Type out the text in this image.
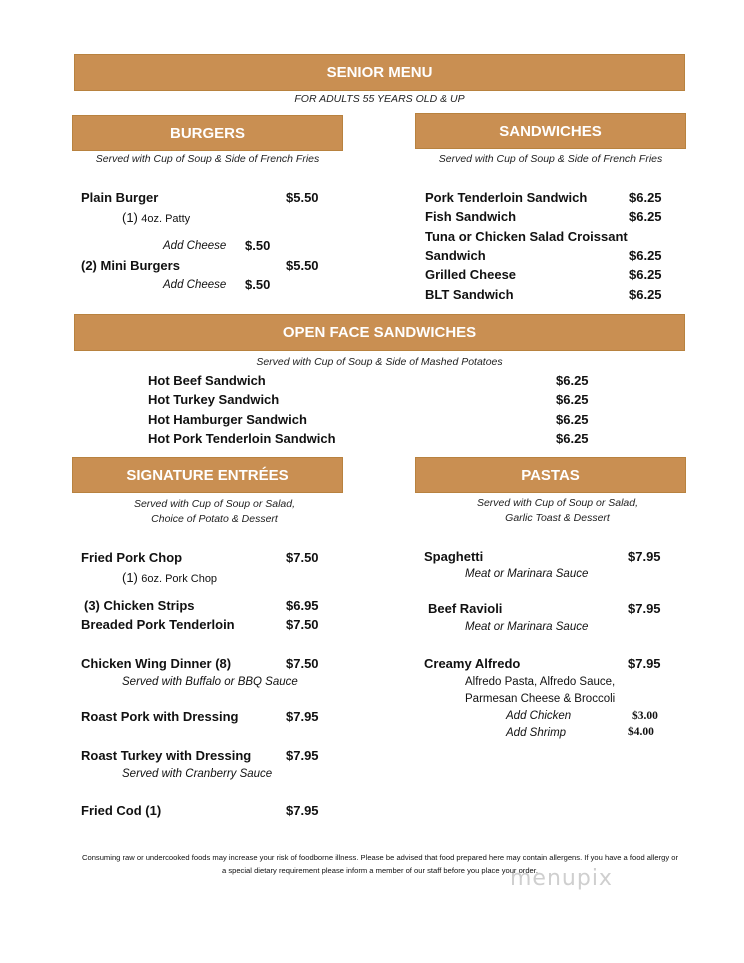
SENIOR MENU
FOR ADULTS 55 YEARS OLD & UP
BURGERS
Served with Cup of Soup & Side of French Fries
Plain Burger	$5.50
(1) 4oz. Patty
Add Cheese $.50
(2) Mini Burgers	$5.50
Add Cheese $.50
SANDWICHES
Served with Cup of Soup & Side of French Fries
Pork Tenderloin Sandwich	$6.25
Fish Sandwich	$6.25
Tuna or Chicken Salad Croissant
Sandwich	$6.25
Grilled Cheese	$6.25
BLT Sandwich	$6.25
OPEN FACE SANDWICHES
Served with Cup of Soup & Side of Mashed Potatoes
Hot Beef Sandwich	$6.25
Hot Turkey Sandwich	$6.25
Hot Hamburger Sandwich	$6.25
Hot Pork Tenderloin Sandwich	$6.25
SIGNATURE ENTRÉES
Served with Cup of Soup or Salad,
Choice of Potato & Dessert
Fried Pork Chop	$7.50
(1) 6oz. Pork Chop
(3) Chicken Strips	$6.95
Breaded Pork Tenderloin	$7.50
Chicken Wing Dinner (8)	$7.50
Served with Buffalo or BBQ Sauce
Roast Pork with Dressing	$7.95
Roast Turkey with Dressing	$7.95
Served with Cranberry Sauce
Fried Cod (1)	$7.95
PASTAS
Served with Cup of Soup or Salad,
Garlic Toast & Dessert
Spaghetti	$7.95
Meat or Marinara Sauce
Beef Ravioli	$7.95
Meat or Marinara Sauce
Creamy Alfredo	$7.95
Alfredo Pasta, Alfredo Sauce,
Parmesan Cheese & Broccoli
Add Chicken	$3.00
Add Shrimp	$4.00
Consuming raw or undercooked foods may increase your risk of foodborne illness. Please be advised that food prepared here may contain allergens. If you have a food allergy or a special dietary requirement please inform a member of our staff before you place your order.
menupix
